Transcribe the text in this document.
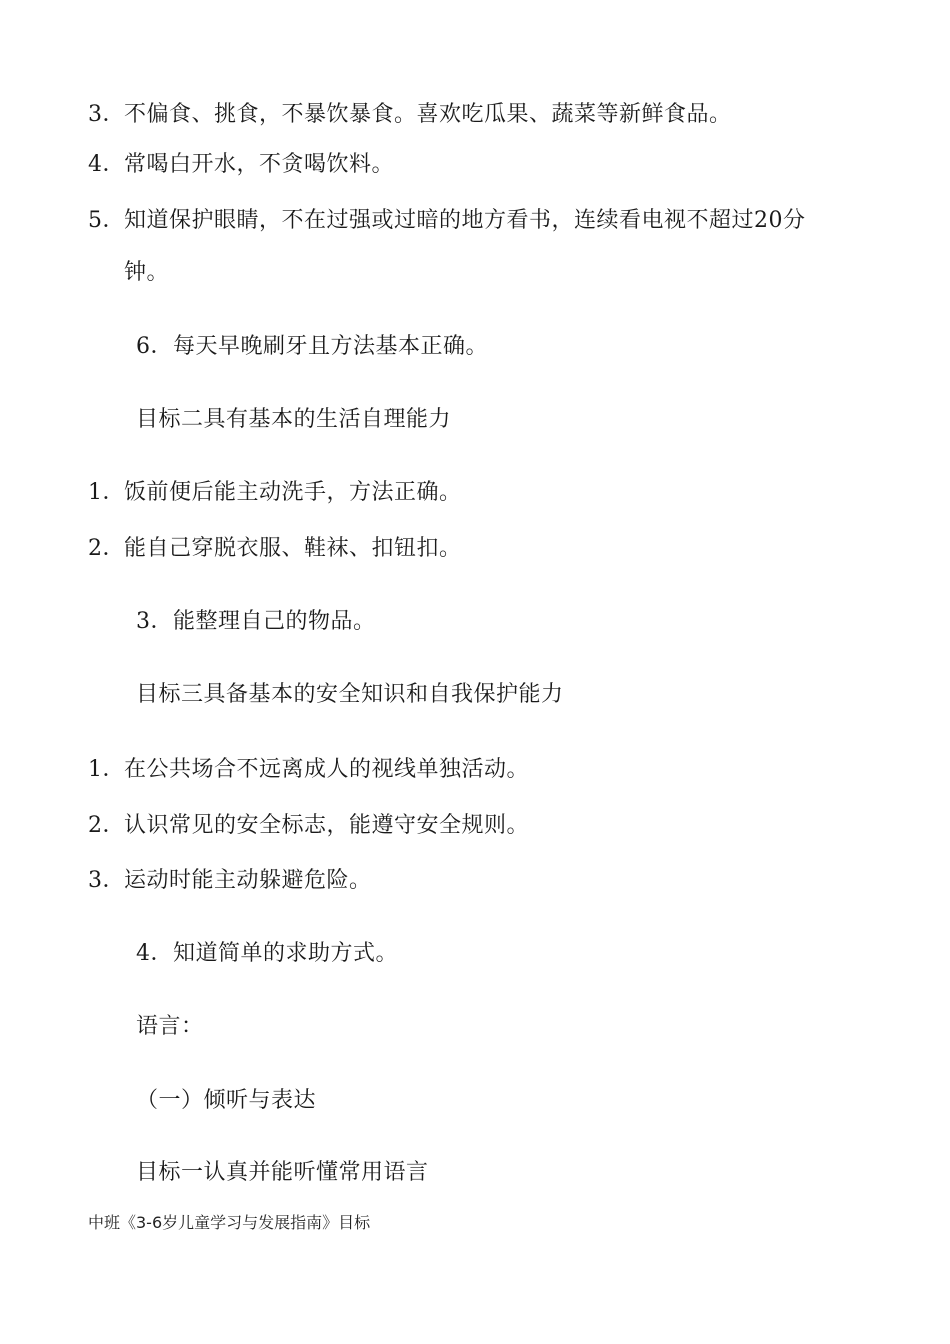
3．不偏食、挑食，不暴饮暴食。喜欢吃瓜果、蔬菜等新鲜食品。
4．常喝白开水，不贪喝饮料。
5．知道保护眼睛，不在过强或过暗的地方看书，连续看电视不超过20分
钟。
6．每天早晚刷牙且方法基本正确。
目标二具有基本的生活自理能力
1．饭前便后能主动洗手，方法正确。
2．能自己穿脱衣服、鞋袜、扣钮扣。
3．能整理自己的物品。
目标三具备基本的安全知识和自我保护能力
1．在公共场合不远离成人的视线单独活动。
2．认识常见的安全标志，能遵守安全规则。
3．运动时能主动躲避危险。
4．知道简单的求助方式。
语言：
（一）倾听与表达
目标一认真并能听懂常用语言
中班《3-6岁儿童学习与发展指南》目标
